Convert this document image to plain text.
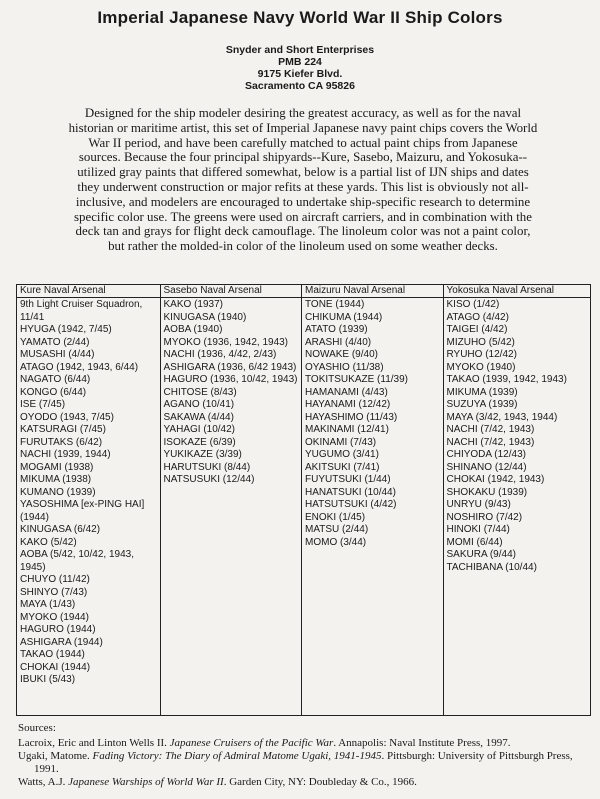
Imperial Japanese Navy World War II Ship Colors
Snyder and Short Enterprises
PMB 224
9175 Kiefer Blvd.
Sacramento CA 95826
Designed for the ship modeler desiring the greatest accuracy, as well as for the naval
historian or maritime artist, this set of Imperial Japanese navy paint chips covers the World
War II period, and have been carefully matched to actual paint chips from Japanese
sources. Because the four principal shipyards--Kure, Sasebo, Maizuru, and Yokosuka--
utilized gray paints that differed somewhat, below is a partial list of IJN ships and dates
they underwent construction or major refits at these yards. This list is obviously not all-
inclusive, and modelers are encouraged to undertake ship-specific research to determine
specific color use. The greens were used on aircraft carriers, and in combination with the
deck tan and grays for flight deck camouflage. The linoleum color was not a paint color,
but rather the molded-in color of the linoleum used on some weather decks.
Kure Naval Arsenal
9th Light Cruiser Squadron, 11/41
HYUGA (1942, 7/45)
YAMATO (2/44)
MUSASHI (4/44)
ATAGO (1942, 1943, 6/44)
NAGATO (6/44)
KONGO (6/44)
ISE (7/45)
OYODO (1943, 7/45)
KATSURAGI (7/45)
FURUTAKS (6/42)
NACHI (1939, 1944)
MOGAMI (1938)
MIKUMA (1938)
KUMANO (1939)
YASOSHIMA [ex-PING HAI] (1944)
KINUGASA (6/42)
KAKO (5/42)
AOBA (5/42, 10/42, 1943, 1945)
CHUYO (11/42)
SHINYO (7/43)
MAYA (1/43)
MYOKO (1944)
HAGURO (1944)
ASHIGARA (1944)
TAKAO (1944)
CHOKAI (1944)
IBUKI (5/43)
Sasebo Naval Arsenal
KAKO (1937)
KINUGASA (1940)
AOBA (1940)
MYOKO (1936, 1942, 1943)
NACHI (1936, 4/42, 2/43)
ASHIGARA (1936, 6/42 1943)
HAGURO (1936, 10/42, 1943)
CHITOSE (8/43)
AGANO (10/41)
SAKAWA (4/44)
YAHAGI (10/42)
ISOKAZE (6/39)
YUKIKAZE (3/39)
HARUTSUKI (8/44)
NATSUSUKI (12/44)
Maizuru Naval Arsenal
TONE (1944)
CHIKUMA (1944)
ATATO (1939)
ARASHI (4/40)
NOWAKE (9/40)
OYASHIO (11/38)
TOKITSUKAZE (11/39)
HAMANAMI (4/43)
HAYANAMI (12/42)
HAYASHIMO (11/43)
MAKINAMI (12/41)
OKINAMI (7/43)
YUGUMO (3/41)
AKITSUKI (7/41)
FUYUTSUKI (1/44)
HANATSUKI (10/44)
HATSUTSUKI (4/42)
ENOKI (1/45)
MATSU (2/44)
MOMO (3/44)
Yokosuka Naval Arsenal
KISO (1/42)
ATAGO (4/42)
TAIGEI (4/42)
MIZUHO (5/42)
RYUHO (12/42)
MYOKO (1940)
TAKAO (1939, 1942, 1943)
MIKUMA (1939)
SUZUYA (1939)
MAYA (3/42, 1943, 1944)
NACHI (7/42, 1943)
NACHI (7/42, 1943)
CHIYODA (12/43)
SHINANO (12/44)
CHOKAI (1942, 1943)
SHOKAKU (1939)
UNRYU (9/43)
NOSHIRO (7/42)
HINOKI (7/44)
MOMI (6/44)
SAKURA (9/44)
TACHIBANA (10/44)
Sources:
Lacroix, Eric and Linton Wells II. Japanese Cruisers of the Pacific War. Annapolis: Naval Institute Press, 1997.
Ugaki, Matome. Fading Victory: The Diary of Admiral Matome Ugaki, 1941-1945. Pittsburgh: University of Pittsburgh Press, 1991.
Watts, A.J. Japanese Warships of World War II. Garden City, NY: Doubleday & Co., 1966.
